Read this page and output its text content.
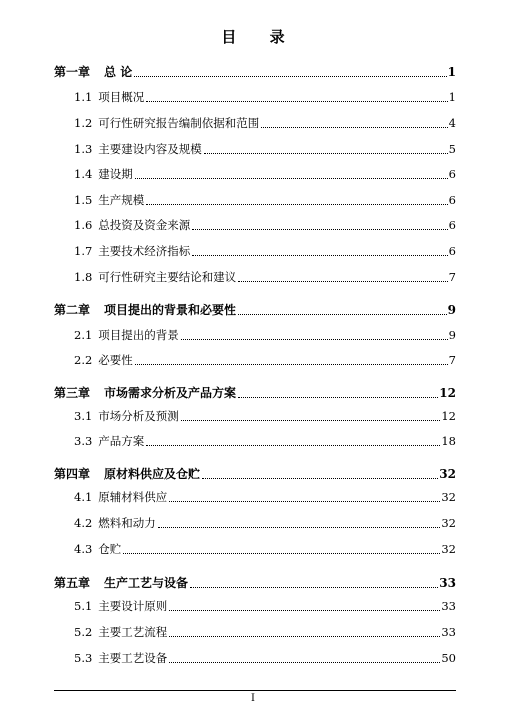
目 录
第一章 总 论	1
1.1 项目概况	1
1.2 可行性研究报告编制依据和范围	4
1.3 主要建设内容及规模	5
1.4 建设期	6
1.5 生产规模	6
1.6 总投资及资金来源	6
1.7 主要技术经济指标	6
1.8 可行性研究主要结论和建议	7
第二章 项目提出的背景和必要性	9
2.1 项目提出的背景	9
2.2 必要性	7
第三章 市场需求分析及产品方案	12
3.1 市场分析及预测	12
3.3 产品方案	18
第四章 原材料供应及仓贮	32
4.1 原辅材料供应	32
4.2 燃料和动力	32
4.3 仓贮	32
第五章 生产工艺与设备	33
5.1 主要设计原则	33
5.2 主要工艺流程	33
5.3 主要工艺设备	50
I
